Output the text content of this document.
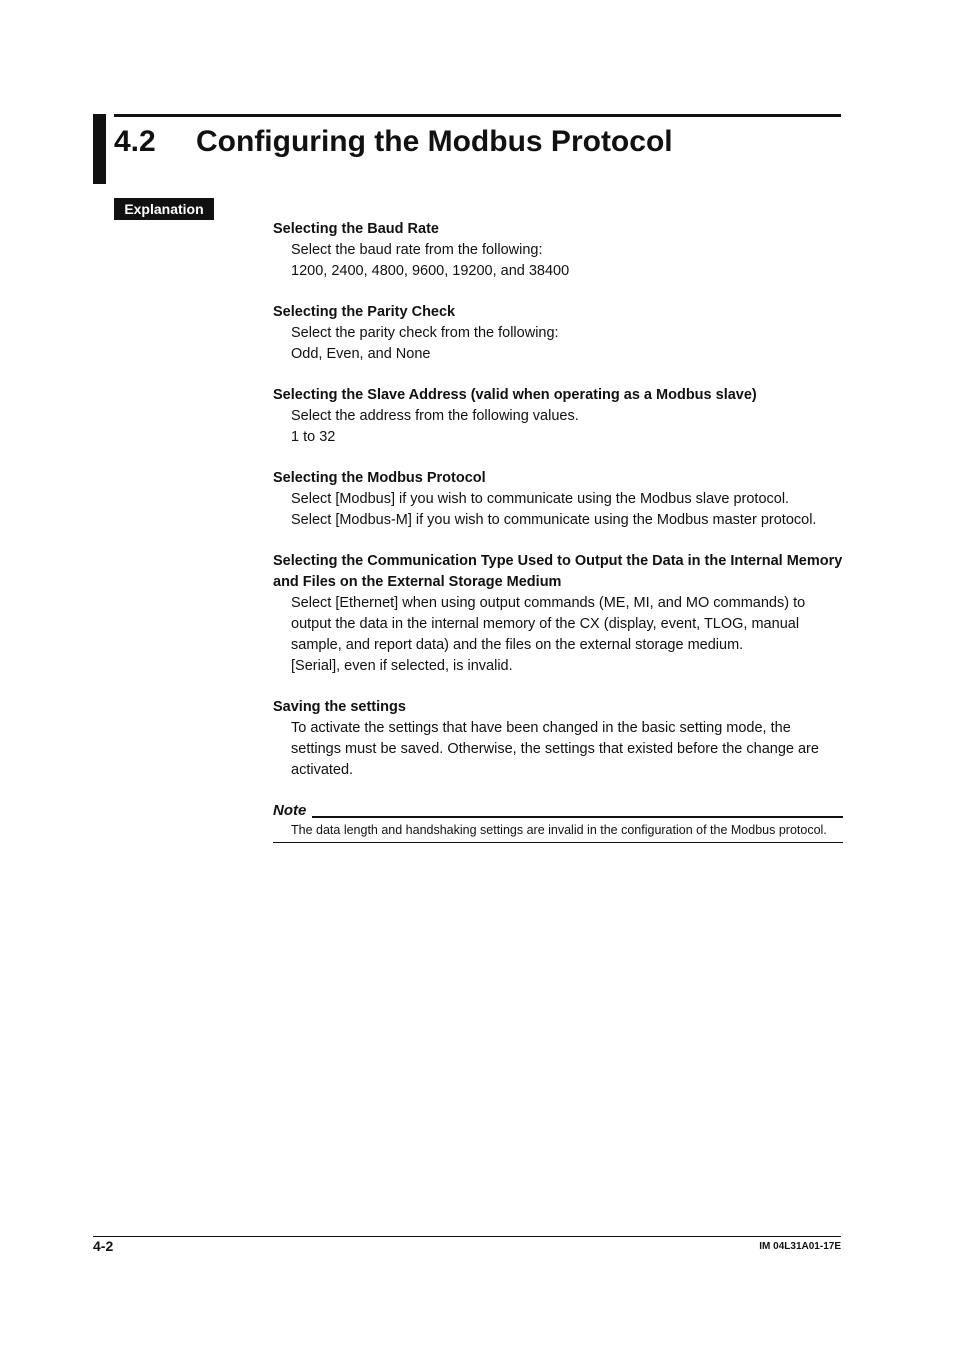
4.2 Configuring the Modbus Protocol
Explanation
Selecting the Baud Rate

Select the baud rate from the following:

1200, 2400, 4800, 9600, 19200, and 38400

Selecting the Parity Check

Select the parity check from the following:

Odd, Even, and None

Selecting the Slave Address (valid when operating as a Modbus slave)

Select the address from the following values.

1 to 32

Selecting the Modbus Protocol

Select [Modbus] if you wish to communicate using the Modbus slave protocol.

Select [Modbus-M] if you wish to communicate using the Modbus master protocol.

Selecting the Communication Type Used to Output the Data in the Internal Memory
and Files on the External Storage Medium

Select [Ethernet] when using output commands (ME, MI, and MO commands) to

output the data in the internal memory of the CX (display, event, TLOG, manual

sample, and report data) and the files on the external storage medium.

[Serial], even if selected, is invalid.

Saving the settings

To activate the settings that have been changed in the basic setting mode, the

settings must be saved. Otherwise, the settings that existed before the change are

activated.

Note
The data length and handshaking settings are invalid in the configuration of the Modbus protocol.
4-2	IM 04L31A01-17E
